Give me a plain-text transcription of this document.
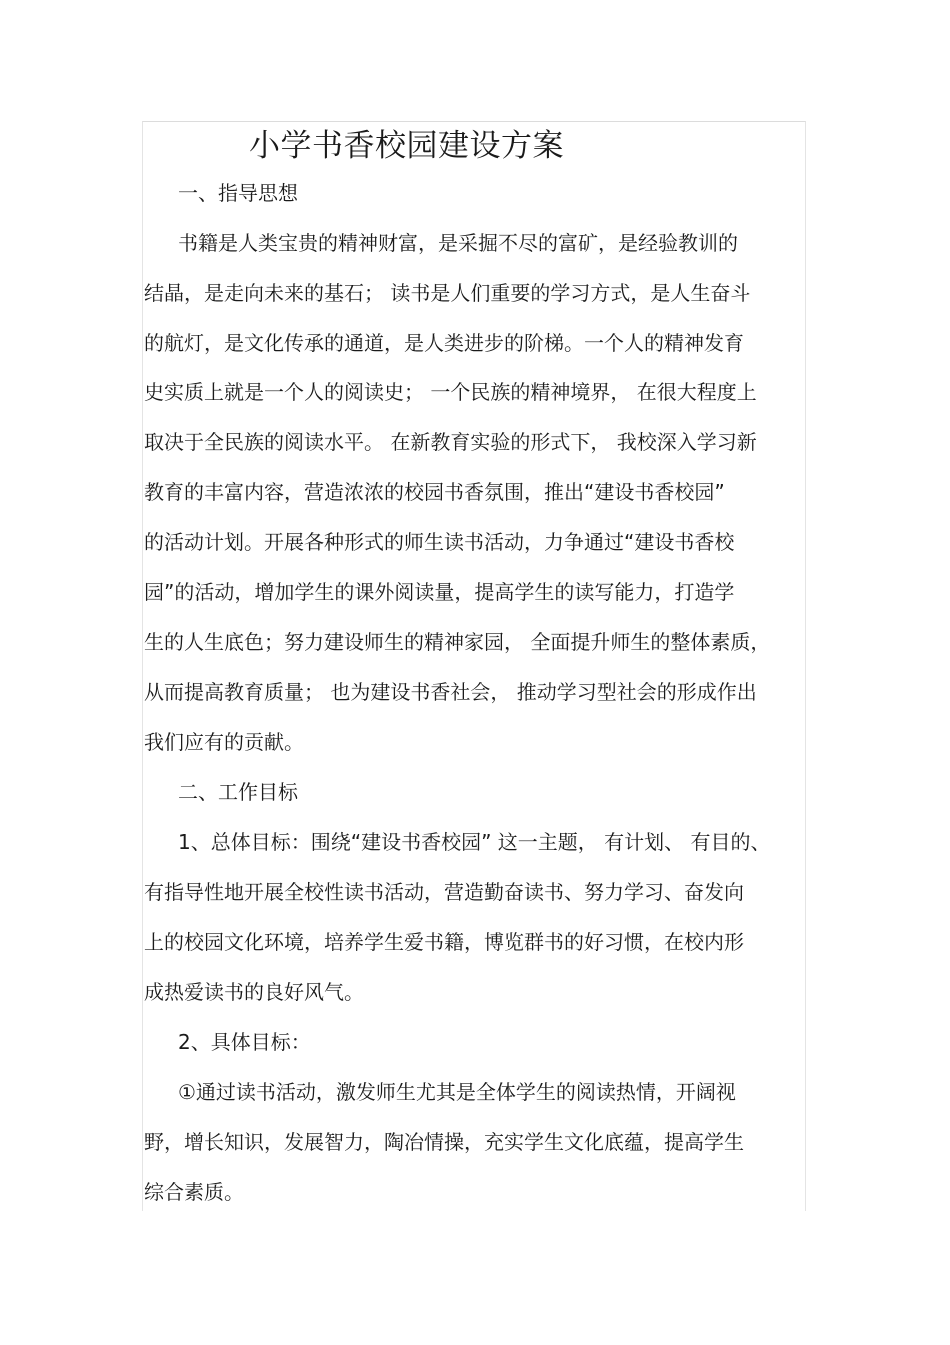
小学书香校园建设方案
一、指导思想
书籍是人类宝贵的精神财富，是采掘不尽的富矿，是经验教训的
结晶，是走向未来的基石； 读书是人们重要的学习方式，是人生奋斗
的航灯，是文化传承的通道，是人类进步的阶梯。一个人的精神发育
史实质上就是一个人的阅读史； 一个民族的精神境界， 在很大程度上
取决于全民族的阅读水平。 在新教育实验的形式下， 我校深入学习新
教育的丰富内容，营造浓浓的校园书香氛围，推出“建设书香校园”
的活动计划。开展各种形式的师生读书活动，力争通过“建设书香校
园”的活动，增加学生的课外阅读量，提高学生的读写能力，打造学
生的人生底色；努力建设师生的精神家园， 全面提升师生的整体素质，
从而提高教育质量； 也为建设书香社会， 推动学习型社会的形成作出
我们应有的贡献。
二、工作目标
1、总体目标：围绕“建设书香校园” 这一主题， 有计划、 有目的、
有指导性地开展全校性读书活动，营造勤奋读书、努力学习、奋发向
上的校园文化环境，培养学生爱书籍，博览群书的好习惯，在校内形
成热爱读书的良好风气。
2、具体目标：
①通过读书活动，激发师生尤其是全体学生的阅读热情，开阔视
野，增长知识，发展智力，陶冶情操，充实学生文化底蕴，提高学生
综合素质。
